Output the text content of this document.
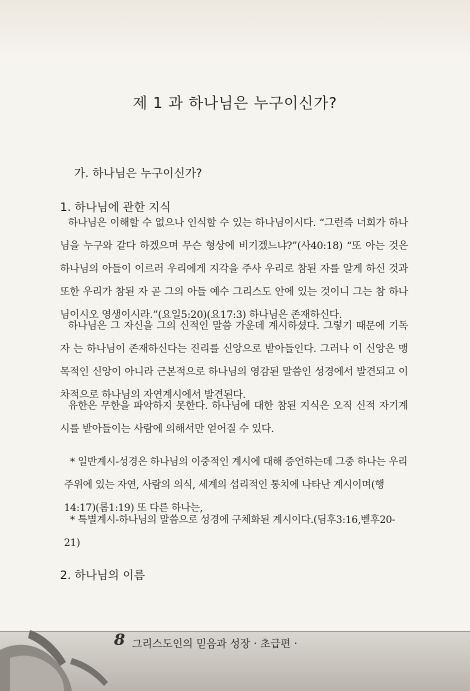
제 1 과 하나님은 누구이신가?
가. 하나님은 누구이신가?
1. 하나님에 관한 지식

하나님은 이해할 수 없으나 인식할 수 있는 하나님이시다. “그런즉 너희가 하나님을 누구와 같다 하겠으며 무슨 형상에 비기겠느냐?”(사40:18) “또 아는 것은 하나님의 아들이 이르러 우리에게 지각을 주사 우리로 참된 자를 알게 하신 것과 또한 우리가 참된 자 곧 그의 아들 예수 그리스도 안에 있는 것이니 그는 참 하나님이시오 영생이시라.”(요일5:20)(요17:3) 하나님은 존재하신다.

하나님은 그 자신을 그의 신적인 말씀 가운데 계시하셨다. 그렇기 때문에 기독자 는 하나님이 존재하신다는 진리를 신앙으로 받아들인다. 그러나 이 신앙은 맹목적인 신앙이 아니라 근본적으로 하나님의 영감된 말씀인 성경에서 발견되고 이차적으로 하나님의 자연계시에서 발견된다.

유한은 무한을 파악하지 못한다. 하나님에 대한 참된 지식은 오직 신적 자기계시를 받아들이는 사람에 의해서만 얻어질 수 있다.

* 일반계시-성경은 하나님의 이중적인 계시에 대해 증언하는데 그중 하나는 우리 주위에 있는 자연, 사람의 의식, 세계의 섭리적인 통치에 나타난 계시이며(행14:17)(롬1:19) 또 다른 하나는,

* 특별계시-하나님의 말씀으로 성경에 구체화된 계시이다.(딤후3:16,벧후20-21)

2. 하나님의 이름
8 그리스도인의 믿음과 성장 · 초급편 ·
